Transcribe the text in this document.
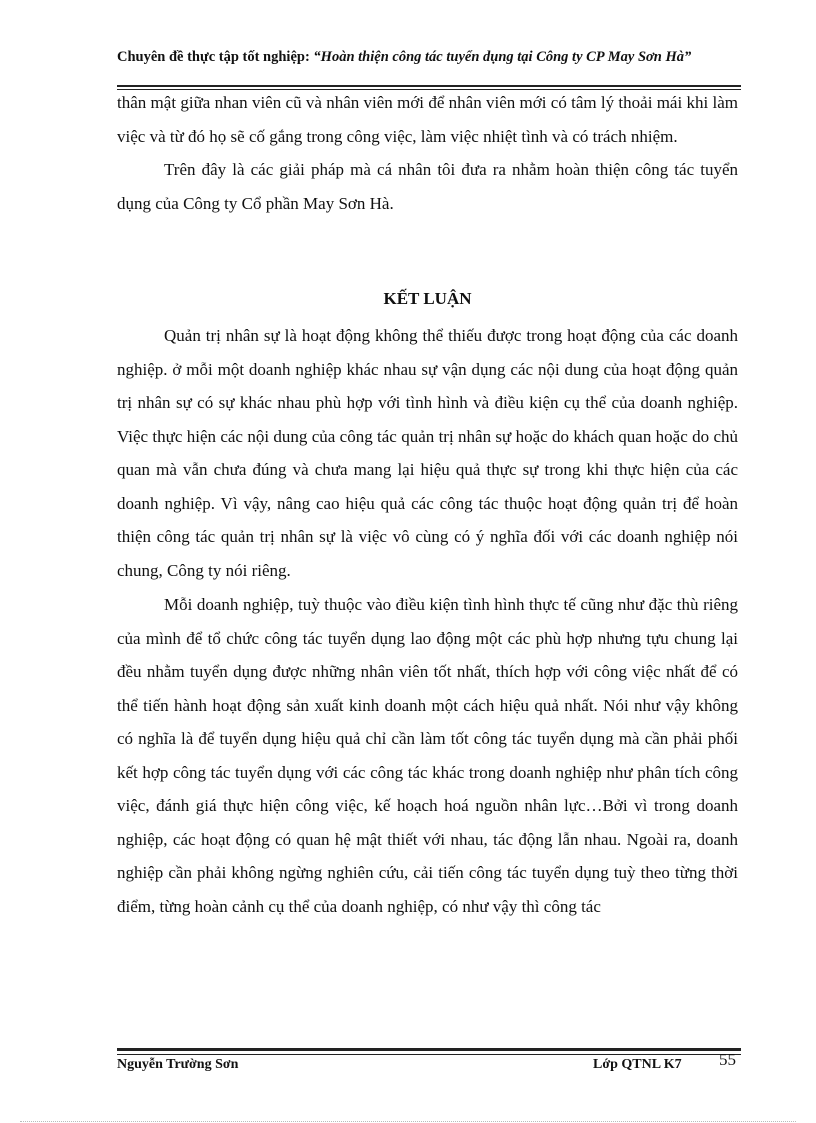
Chuyên đề thực tập tốt nghiệp: “Hoàn thiện công tác tuyển dụng tại Công ty CP May Sơn Hà”

thân mật giữa nhan viên cũ và nhân viên mới để nhân viên mới có tâm lý thoải mái khi làm việc và từ đó họ sẽ cố gắng trong công việc, làm việc nhiệt tình và có trách nhiệm.

Trên đây là các giải pháp mà cá nhân tôi đưa ra nhằm hoàn thiện công tác tuyển dụng của Công ty Cổ phần May Sơn Hà.

KẾT LUẬN

Quản trị nhân sự là hoạt động không thể thiếu được trong hoạt động của các doanh nghiệp. ở mỗi một doanh nghiệp khác nhau sự vận dụng các nội dung của hoạt động quản trị nhân sự có sự khác nhau phù hợp với tình hình và điều kiện cụ thể của doanh nghiệp. Việc thực hiện các nội dung của công tác quản trị nhân sự hoặc do khách quan hoặc do chủ quan mà vẫn chưa đúng và chưa mang lại hiệu quả thực sự trong khi thực hiện của các doanh nghiệp. Vì vậy, nâng cao hiệu quả các công tác thuộc hoạt động quản trị để hoàn thiện công tác quản trị nhân sự là việc vô cùng có ý nghĩa đối với các doanh nghiệp nói chung, Công ty nói riêng.

Mỗi doanh nghiệp, tuỳ thuộc vào điều kiện tình hình thực tế cũng như đặc thù riêng của mình để tổ chức công tác tuyển dụng lao động một các phù hợp nhưng tựu chung lại đều nhằm tuyển dụng được những nhân viên tốt nhất, thích hợp với công việc nhất để có thể tiến hành hoạt động sản xuất kinh doanh một cách hiệu quả nhất. Nói như vậy không có nghĩa là để tuyển dụng hiệu quả chỉ cần làm tốt công tác tuyển dụng mà cần phải phối kết hợp công tác tuyển dụng với các công tác khác trong doanh nghiệp như phân tích công việc, đánh giá thực hiện công việc, kế hoạch hoá nguồn nhân lực…Bởi vì trong doanh nghiệp, các hoạt động có quan hệ mật thiết với nhau, tác động lẫn nhau. Ngoài ra, doanh nghiệp cần phải không ngừng nghiên cứu, cải tiến công tác tuyển dụng tuỳ theo từng thời điểm, từng hoàn cảnh cụ thể của doanh nghiệp, có như vậy thì công tác

Nguyễn Trường Sơn	Lớp QTNL K7 55
